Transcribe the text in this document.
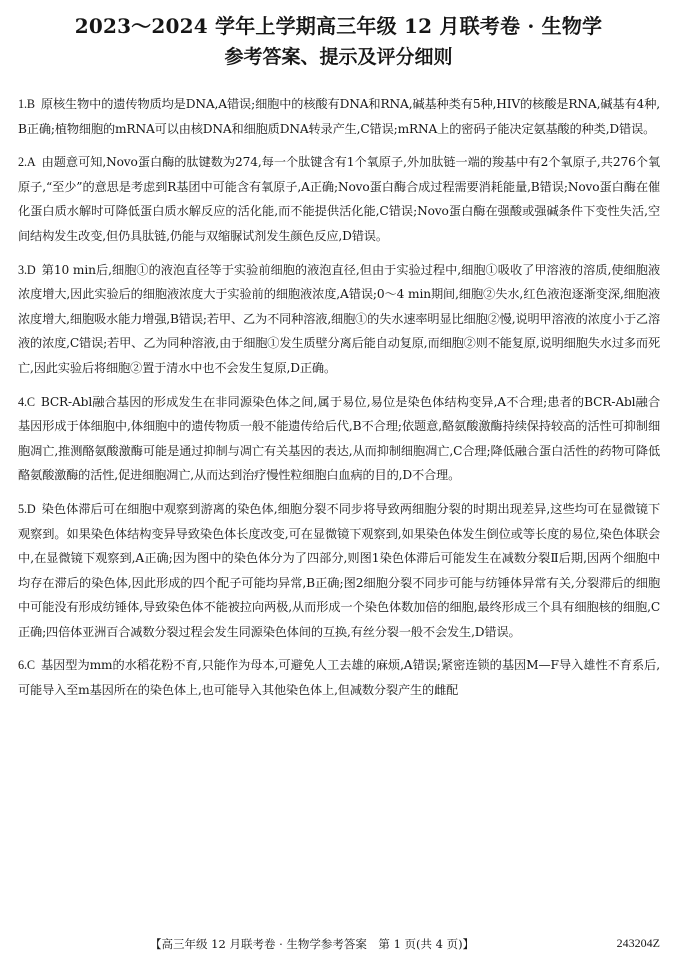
2023～2024 学年上学期高三年级 12 月联考卷 · 生物学
参考答案、提示及评分细则
1.B 原核生物中的遗传物质均是DNA,A错误;细胞中的核酸有DNA和RNA,碱基种类有5种,HIV的核酸是RNA,碱基有4种,B正确;植物细胞的mRNA可以由核DNA和细胞质DNA转录产生,C错误;mRNA上的密码子能决定氨基酸的种类,D错误。
2.A 由题意可知,Novo蛋白酶的肽键数为274,每一个肽键含有1个氧原子,外加肽链一端的羧基中有2个氧原子,共276个氧原子,“至少”的意思是考虑到R基团中可能含有氧原子,A正确;Novo蛋白酶合成过程需要消耗能量,B错误;Novo蛋白酶在催化蛋白质水解时可降低蛋白质水解反应的活化能,而不能提供活化能,C错误;Novo蛋白酶在强酸或强碱条件下变性失活,空间结构发生改变,但仍具肽链,仍能与双缩脲试剂发生颜色反应,D错误。
3.D 第10 min后,细胞①的液泡直径等于实验前细胞的液泡直径,但由于实验过程中,细胞①吸收了甲溶液的溶质,使细胞液浓度增大,因此实验后的细胞液浓度大于实验前的细胞液浓度,A错误;0～4 min期间,细胞②失水,红色液泡逐渐变深,细胞液浓度增大,细胞吸水能力增强,B错误;若甲、乙为不同种溶液,细胞①的失水速率明显比细胞②慢,说明甲溶液的浓度小于乙溶液的浓度,C错误;若甲、乙为同种溶液,由于细胞①发生质壁分离后能自动复原,而细胞②则不能复原,说明细胞失水过多而死亡,因此实验后将细胞②置于清水中也不会发生复原,D正确。
4.C BCR-Abl融合基因的形成发生在非同源染色体之间,属于易位,易位是染色体结构变异,A不合理;患者的BCR-Abl融合基因形成于体细胞中,体细胞中的遗传物质一般不能遗传给后代,B不合理;依题意,酪氨酸激酶持续保持较高的活性可抑制细胞凋亡,推测酪氨酸激酶可能是通过抑制与凋亡有关基因的表达,从而抑制细胞凋亡,C合理;降低融合蛋白活性的药物可降低酪氨酸激酶的活性,促进细胞凋亡,从而达到治疗慢性粒细胞白血病的目的,D不合理。
5.D 染色体滞后可在细胞中观察到游离的染色体,细胞分裂不同步将导致两细胞分裂的时期出现差异,这些均可在显微镜下观察到。如果染色体结构变异导致染色体长度改变,可在显微镜下观察到,如果染色体发生倒位或等长度的易位,染色体联会中,在显微镜下观察到,A正确;因为图中的染色体分为了四部分,则图1染色体滞后可能发生在减数分裂Ⅱ后期,因两个细胞中均存在滞后的染色体,因此形成的四个配子可能均异常,B正确;图2细胞分裂不同步可能与纺锤体异常有关,分裂滞后的细胞中可能没有形成纺锤体,导致染色体不能被拉向两极,从而形成一个染色体数加倍的细胞,最终形成三个具有细胞核的细胞,C正确;四倍体亚洲百合减数分裂过程会发生同源染色体间的互换,有丝分裂一般不会发生,D错误。
6.C 基因型为mm的水稻花粉不育,只能作为母本,可避免人工去雄的麻烦,A错误;紧密连锁的基因M—F导入雄性不育系后,可能导入至m基因所在的染色体上,也可能导入其他染色体上,但减数分裂产生的雌配
【高三年级 12 月联考卷 · 生物学参考答案　第 1 页(共 4 页)】	243204Z
